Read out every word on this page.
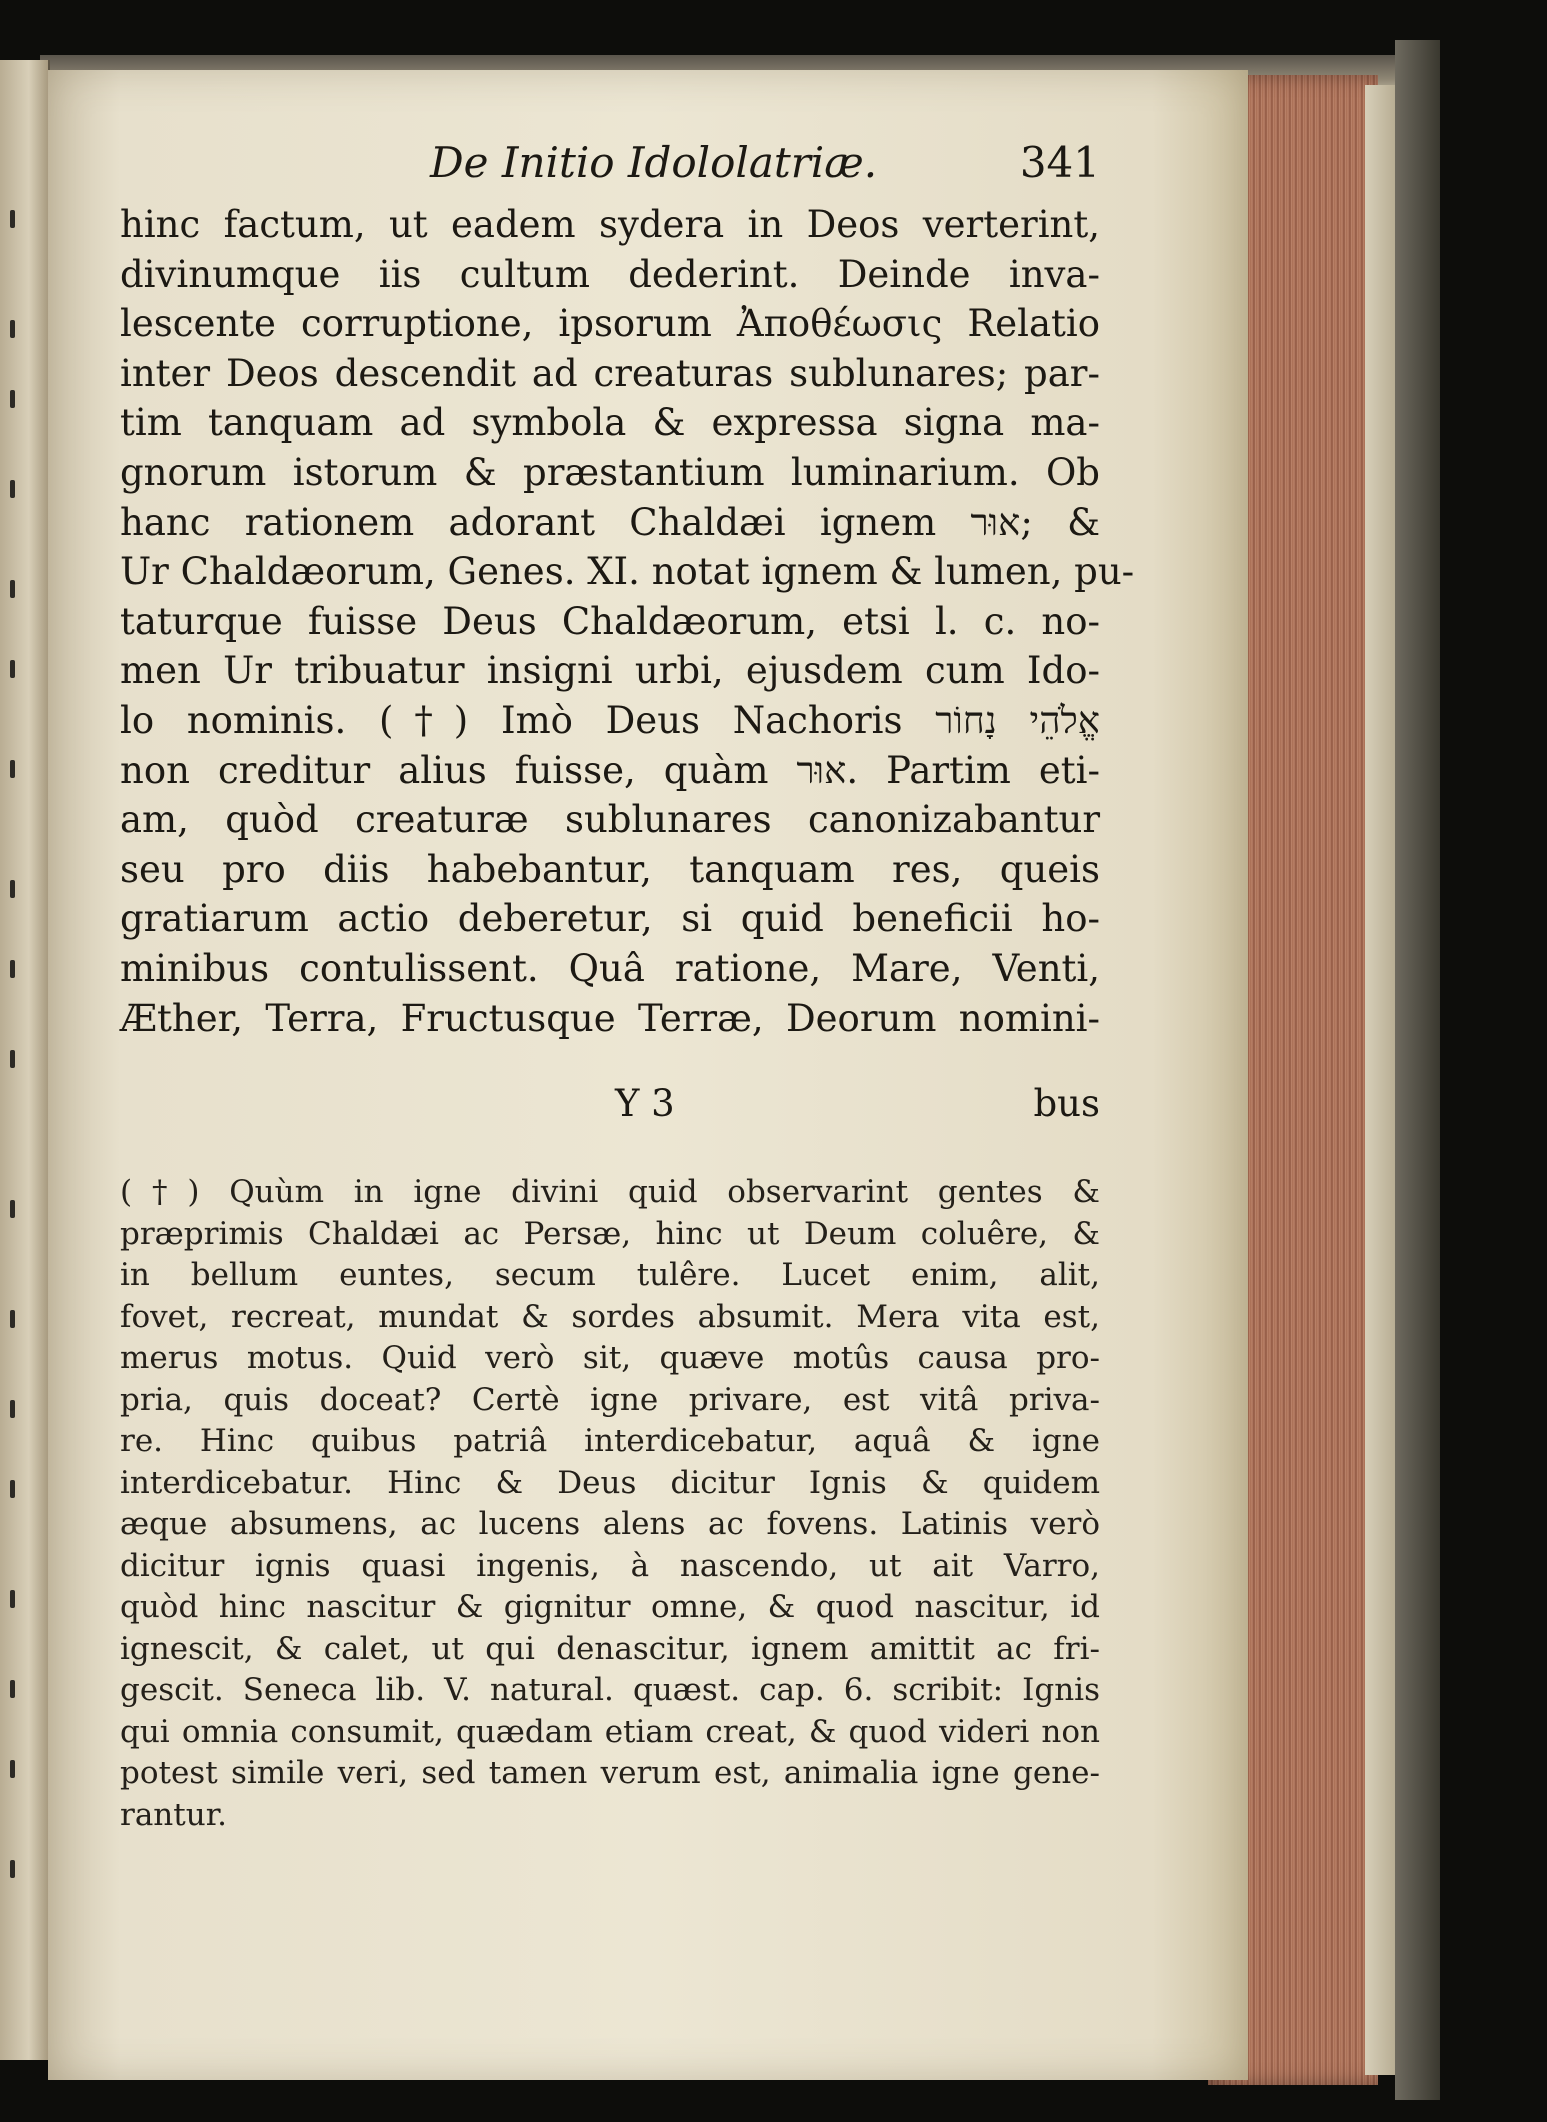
De Initio Idololatriæ.	341
hinc factum, ut eadem sydera in Deos verterint,
divinumque iis cultum dederint. Deinde inva-
lescente corruptione, ipsorum Ἀποθέωσις Relatio
inter Deos descendit ad creaturas sublunares; par-
tim tanquam ad symbola & expressa signa ma-
gnorum istorum & præstantium luminarium. Ob
hanc rationem adorant Chaldæi ignem אוּר; &
Ur Chaldæorum, Genes. XI. notat ignem & lumen, pu-
taturque fuisse Deus Chaldæorum, etsi l. c. no-
men Ur tribuatur insigni urbi, ejusdem cum Ido-
lo nominis. (†) Imò Deus Nachoris אֱלֹהֵי נָחוֹר
non creditur alius fuisse, quàm אוּר. Partim eti-
am, quòd creaturæ sublunares canonizabantur
seu pro diis habebantur, tanquam res, queis
gratiarum actio deberetur, si quid beneficii ho-
minibus contulissent. Quâ ratione, Mare, Venti,
Æther, Terra, Fructusque Terræ, Deorum nomini-
Y 3	bus
(†) Quùm in igne divini quid observarint gentes &
præprimis Chaldæi ac Persæ, hinc ut Deum coluêre, &
in bellum euntes, secum tulêre. Lucet enim, alit,
fovet, recreat, mundat & sordes absumit. Mera vita est,
merus motus. Quid verò sit, quæve motûs causa pro-
pria, quis doceat? Certè igne privare, est vitâ priva-
re. Hinc quibus patriâ interdicebatur, aquâ & igne
interdicebatur. Hinc & Deus dicitur Ignis & quidem
æque absumens, ac lucens alens ac fovens. Latinis verò
dicitur ignis quasi ingenis, à nascendo, ut ait Varro,
quòd hinc nascitur & gignitur omne, & quod nascitur, id
ignescit, & calet, ut qui denascitur, ignem amittit ac fri-
gescit. Seneca lib. V. natural. quæst. cap. 6. scribit: Ignis
qui omnia consumit, quædam etiam creat, & quod videri non
potest simile veri, sed tamen verum est, animalia igne gene-
rantur.
